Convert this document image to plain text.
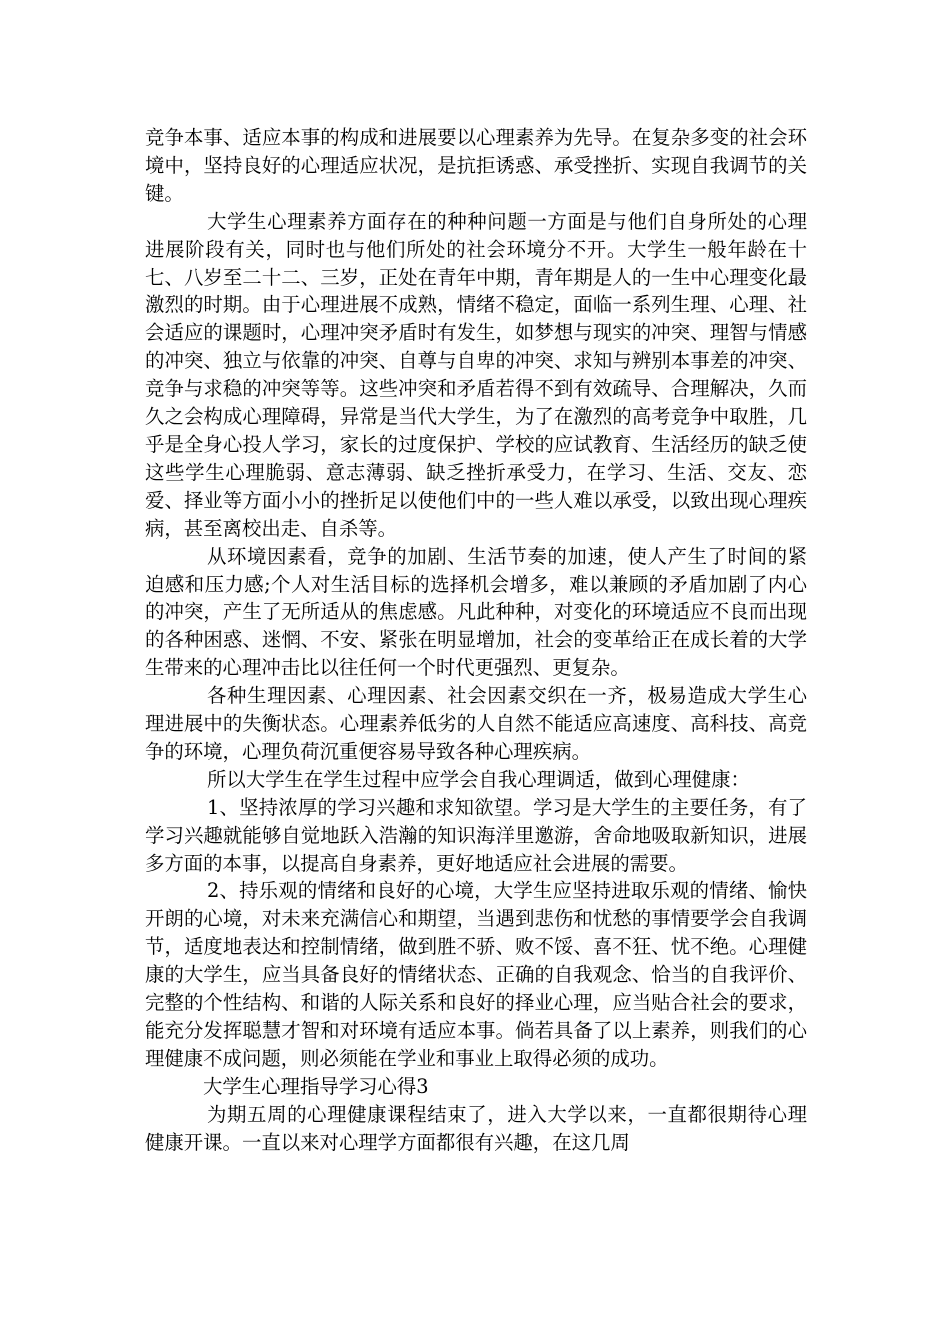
竞争本事、适应本事的构成和进展要以心理素养为先导。在复杂多变的社会环境中，坚持良好的心理适应状况，是抗拒诱惑、承受挫折、实现自我调节的关键。

大学生心理素养方面存在的种种问题一方面是与他们自身所处的心理进展阶段有关，同时也与他们所处的社会环境分不开。大学生一般年龄在十七、八岁至二十二、三岁，正处在青年中期，青年期是人的一生中心理变化最激烈的时期。由于心理进展不成熟，情绪不稳定，面临一系列生理、心理、社会适应的课题时，心理冲突矛盾时有发生，如梦想与现实的冲突、理智与情感的冲突、独立与依靠的冲突、自尊与自卑的冲突、求知与辨别本事差的冲突、竞争与求稳的冲突等等。这些冲突和矛盾若得不到有效疏导、合理解决，久而久之会构成心理障碍，异常是当代大学生，为了在激烈的高考竞争中取胜，几乎是全身心投人学习，家长的过度保护、学校的应试教育、生活经历的缺乏使这些学生心理脆弱、意志薄弱、缺乏挫折承受力，在学习、生活、交友、恋爱、择业等方面小小的挫折足以使他们中的一些人难以承受，以致出现心理疾病，甚至离校出走、自杀等。

从环境因素看，竞争的加剧、生活节奏的加速，使人产生了时间的紧迫感和压力感;个人对生活目标的选择机会增多，难以兼顾的矛盾加剧了内心的冲突，产生了无所适从的焦虑感。凡此种种，对变化的环境适应不良而出现的各种困惑、迷惘、不安、紧张在明显增加，社会的变革给正在成长着的大学生带来的心理冲击比以往任何一个时代更强烈、更复杂。

各种生理因素、心理因素、社会因素交织在一齐，极易造成大学生心理进展中的失衡状态。心理素养低劣的人自然不能适应高速度、高科技、高竞争的环境，心理负荷沉重便容易导致各种心理疾病。

所以大学生在学生过程中应学会自我心理调适，做到心理健康：

1、坚持浓厚的学习兴趣和求知欲望。学习是大学生的主要任务，有了学习兴趣就能够自觉地跃入浩瀚的知识海洋里邀游，舍命地吸取新知识，进展多方面的本事，以提高自身素养，更好地适应社会进展的需要。

2、持乐观的情绪和良好的心境，大学生应坚持进取乐观的情绪、愉快开朗的心境，对未来充满信心和期望，当遇到悲伤和忧愁的事情要学会自我调节，适度地表达和控制情绪，做到胜不骄、败不馁、喜不狂、忧不绝。心理健康的大学生，应当具备良好的情绪状态、正确的自我观念、恰当的自我评价、完整的个性结构、和谐的人际关系和良好的择业心理，应当贴合社会的要求，能充分发挥聪慧才智和对环境有适应本事。倘若具备了以上素养，则我们的心理健康不成问题，则必须能在学业和事业上取得必须的成功。

大学生心理指导学习心得3

为期五周的心理健康课程结束了，进入大学以来，一直都很期待心理健康开课。一直以来对心理学方面都很有兴趣，在这几周
